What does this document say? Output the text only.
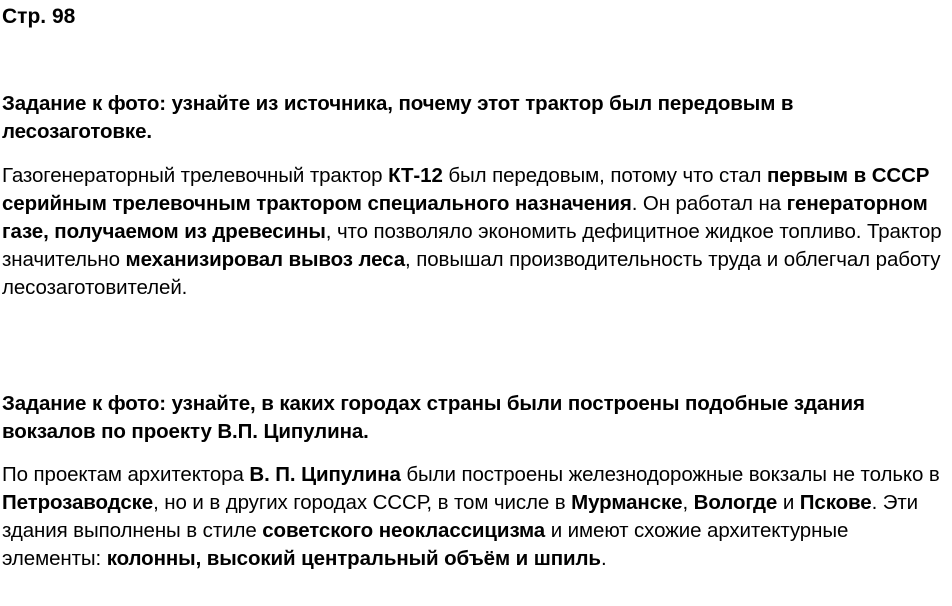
Стр. 98

Задание к фото: узнайте из источника, почему этот трактор был передовым в лесозаготовке.

Газогенераторный трелевочный трактор КТ-12 был передовым, потому что стал первым в СССР серийным трелевочным трактором специального назначения. Он работал на генераторном газе, получаемом из древесины, что позволяло экономить дефицитное жидкое топливо. Трактор значительно механизировал вывоз леса, повышал производительность труда и облегчал работу лесозаготовителей.

Задание к фото: узнайте, в каких городах страны были построены подобные здания вокзалов по проекту В.П. Ципулина.

По проектам архитектора В. П. Ципулина были построены железнодорожные вокзалы не только в Петрозаводске, но и в других городах СССР, в том числе в Мурманске, Вологде и Пскове. Эти здания выполнены в стиле советского неоклассицизма и имеют схожие архитектурные элементы: колонны, высокий центральный объём и шпиль.
